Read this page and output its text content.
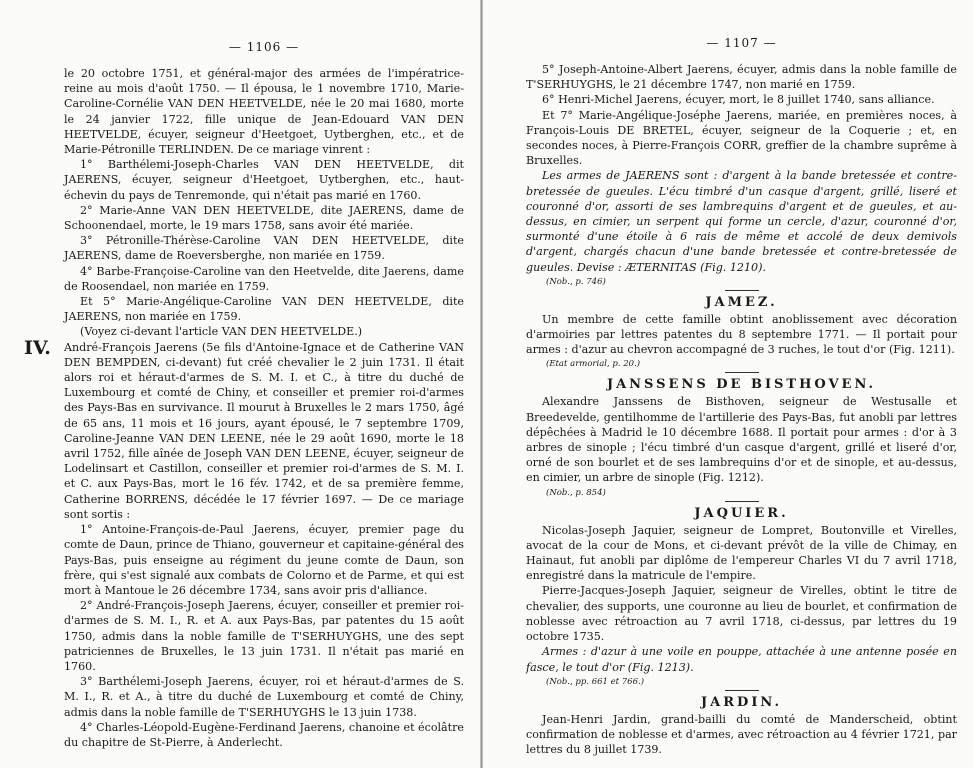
— 1106 —

le 20 octobre 1751, et général-major des armées de l'impératrice-reine au mois d'août 1750. — Il épousa, le 1 novembre 1710, Marie-Caroline-Cornélie VAN DEN HEETVELDE, née le 20 mai 1680, morte le 24 janvier 1722, fille unique de Jean-Edouard VAN DEN HEETVELDE, écuyer, seigneur d'Heetgoet, Uytberghen, etc., et de Marie-Pétronille TERLINDEN. De ce mariage vinrent :

1° Barthélemi-Joseph-Charles VAN DEN HEETVELDE, dit JAERENS, écuyer, seigneur d'Heetgoet, Uytberghen, etc., haut-échevin du pays de Tenremonde, qui n'était pas marié en 1760.

2° Marie-Anne VAN DEN HEETVELDE, dite JAERENS, dame de Schoonendael, morte, le 19 mars 1758, sans avoir été mariée.

3° Pétronille-Thérèse-Caroline VAN DEN HEETVELDE, dite JAERENS, dame de Roeversberghe, non mariée en 1759.

4° Barbe-Françoise-Caroline van den Heetvelde, dite Jaerens, dame de Roosendael, non mariée en 1759.

Et 5° Marie-Angélique-Caroline VAN DEN HEETVELDE, dite JAERENS, non mariée en 1759.

(Voyez ci-devant l'article VAN DEN HEETVELDE.)

IV. André-François Jaerens (5e fils d'Antoine-Ignace et de Catherine VAN DEN BEMPDEN, ci-devant) fut créé chevalier le 2 juin 1731. Il était alors roi et héraut-d'armes de S. M. I. et C., à titre du duché de Luxembourg et comté de Chiny, et conseiller et premier roi-d'armes des Pays-Bas en survivance. Il mourut à Bruxelles le 2 mars 1750, âgé de 65 ans, 11 mois et 16 jours, ayant épousé, le 7 septembre 1709, Caroline-Jeanne VAN DEN LEENE, née le 29 août 1690, morte le 18 avril 1752, fille aînée de Joseph VAN DEN LEENE, écuyer, seigneur de Lodelinsart et Castillon, conseiller et premier roi-d'armes de S. M. I. et C. aux Pays-Bas, mort le 16 fév. 1742, et de sa première femme, Catherine BORRENS, décédée le 17 février 1697. — De ce mariage sont sortis :

1° Antoine-François-de-Paul Jaerens, écuyer, premier page du comte de Daun, prince de Thiano, gouverneur et capitaine-général des Pays-Bas, puis enseigne au régiment du jeune comte de Daun, son frère, qui s'est signalé aux combats de Colorno et de Parme, et qui est mort à Mantoue le 26 décembre 1734, sans avoir pris d'alliance.

2° André-François-Joseph Jaerens, écuyer, conseiller et premier roi-d'armes de S. M. I., R. et A. aux Pays-Bas, par patentes du 15 août 1750, admis dans la noble famille de T'SERHUYGHS, une des sept patriciennes de Bruxelles, le 13 juin 1731. Il n'était pas marié en 1760.

3° Barthélemi-Joseph Jaerens, écuyer, roi et héraut-d'armes de S. M. I., R. et A., à titre du duché de Luxembourg et comté de Chiny, admis dans la noble famille de T'SERHUYGHS le 13 juin 1738.

4° Charles-Léopold-Eugène-Ferdinand Jaerens, chanoine et écolâtre du chapitre de St-Pierre, à Anderlecht.

— 1107 —

5° Joseph-Antoine-Albert Jaerens, écuyer, admis dans la noble famille de T'SERHUYGHS, le 21 décembre 1747, non marié en 1759.

6° Henri-Michel Jaerens, écuyer, mort, le 8 juillet 1740, sans alliance.

Et 7° Marie-Angélique-Joséphe Jaerens, mariée, en premières noces, à François-Louis DE BRETEL, écuyer, seigneur de la Coquerie ; et, en secondes noces, à Pierre-François CORR, greffier de la chambre suprême à Bruxelles.

Les armes de JAERENS sont : d'argent à la bande bretessée et contre-bretessée de gueules. L'écu timbré d'un casque d'argent, grillé, liseré et couronné d'or, assorti de ses lambrequins d'argent et de gueules, et au-dessus, en cimier, un serpent qui forme un cercle, d'azur, couronné d'or, surmonté d'une étoile à 6 rais de même et accolé de deux demivols d'argent, chargés chacun d'une bande bretessée et contre-bretessée de gueules. Devise : ÆTERNITAS (Fig. 1210).

(Nob., p. 746)
JAMEZ.

Un membre de cette famille obtint anoblissement avec décoration d'armoiries par lettres patentes du 8 septembre 1771. — Il portait pour armes : d'azur au chevron accompagné de 3 ruches, le tout d'or (Fig. 1211).

(Etat armorial, p. 20.)
JANSSENS DE BISTHOVEN.

Alexandre Janssens de Bisthoven, seigneur de Westusalle et Breedevelde, gentilhomme de l'artillerie des Pays-Bas, fut anobli par lettres dépêchées à Madrid le 10 décembre 1688. Il portait pour armes : d'or à 3 arbres de sinople ; l'écu timbré d'un casque d'argent, grillé et liseré d'or, orné de son bourlet et de ses lambrequins d'or et de sinople, et au-dessus, en cimier, un arbre de sinople (Fig. 1212).

(Nob., p. 854)
JAQUIER.

Nicolas-Joseph Jaquier, seigneur de Lompret, Boutonville et Virelles, avocat de la cour de Mons, et ci-devant prévôt de la ville de Chimay, en Hainaut, fut anobli par diplôme de l'empereur Charles VI du 7 avril 1718, enregistré dans la matricule de l'empire.

Pierre-Jacques-Joseph Jaquier, seigneur de Virelles, obtint le titre de chevalier, des supports, une couronne au lieu de bourlet, et confirmation de noblesse avec rétroaction au 7 avril 1718, ci-dessus, par lettres du 19 octobre 1735.

Armes : d'azur à une voile en pouppe, attachée à une antenne posée en fasce, le tout d'or (Fig. 1213).

(Nob., pp. 661 et 766.)
JARDIN.

Jean-Henri Jardin, grand-bailli du comté de Manderscheid, obtint confirmation de noblesse et d'armes, avec rétroaction au 4 février 1721, par lettres du 8 juillet 1739.
